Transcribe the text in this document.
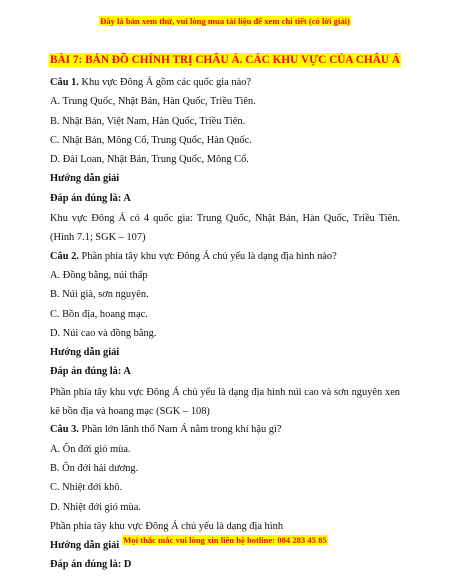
Đây là bản xem thử, vui lòng mua tài liệu để xem chi tiết (có lời giải)
BÀI 7: BẢN ĐỒ CHÍNH TRỊ CHÂU Á. CÁC KHU VỰC CỦA CHÂU Á
Câu 1. Khu vực Đông Á gồm các quốc gia nào?
A. Trung Quốc, Nhật Bản, Hàn Quốc, Triều Tiên.
B. Nhật Bản, Việt Nam, Hàn Quốc, Triều Tiên.
C. Nhật Bản, Mông Cổ, Trung Quốc, Hàn Quốc.
D. Đài Loan, Nhật Bản, Trung Quốc, Mông Cổ.
Hướng dẫn giải
Đáp án đúng là: A
Khu vực Đông Á có 4 quốc gia: Trung Quốc, Nhật Bản, Hàn Quốc, Triều Tiên. (Hình 7.1; SGK – 107)
Câu 2. Phần phía tây khu vực Đông Á chủ yếu là dạng địa hình nào?
A. Đồng bằng, núi thấp
B. Núi già, sơn nguyên.
C. Bồn địa, hoang mạc.
D. Núi cao và đồng bằng.
Hướng dẫn giải
Đáp án đúng là: A
Phần phía tây khu vực Đông Á chủ yếu là dạng địa hình núi cao và sơn nguyên xen kẽ bồn địa và hoang mạc (SGK – 108)
Câu 3. Phần lớn lãnh thổ Nam Á nằm trong khí hậu gì?
A. Ôn đới gió mùa.
B. Ôn đới hải dương.
C. Nhiệt đới khô.
D. Nhiệt đới gió mùa.
Phần phía tây khu vực Đông Á chủ yếu là dạng địa hình
Hướng dẫn giải
Đáp án đúng là: D
Mọi thắc mắc vui lòng xin liên hệ hotline: 084 283 45 85
